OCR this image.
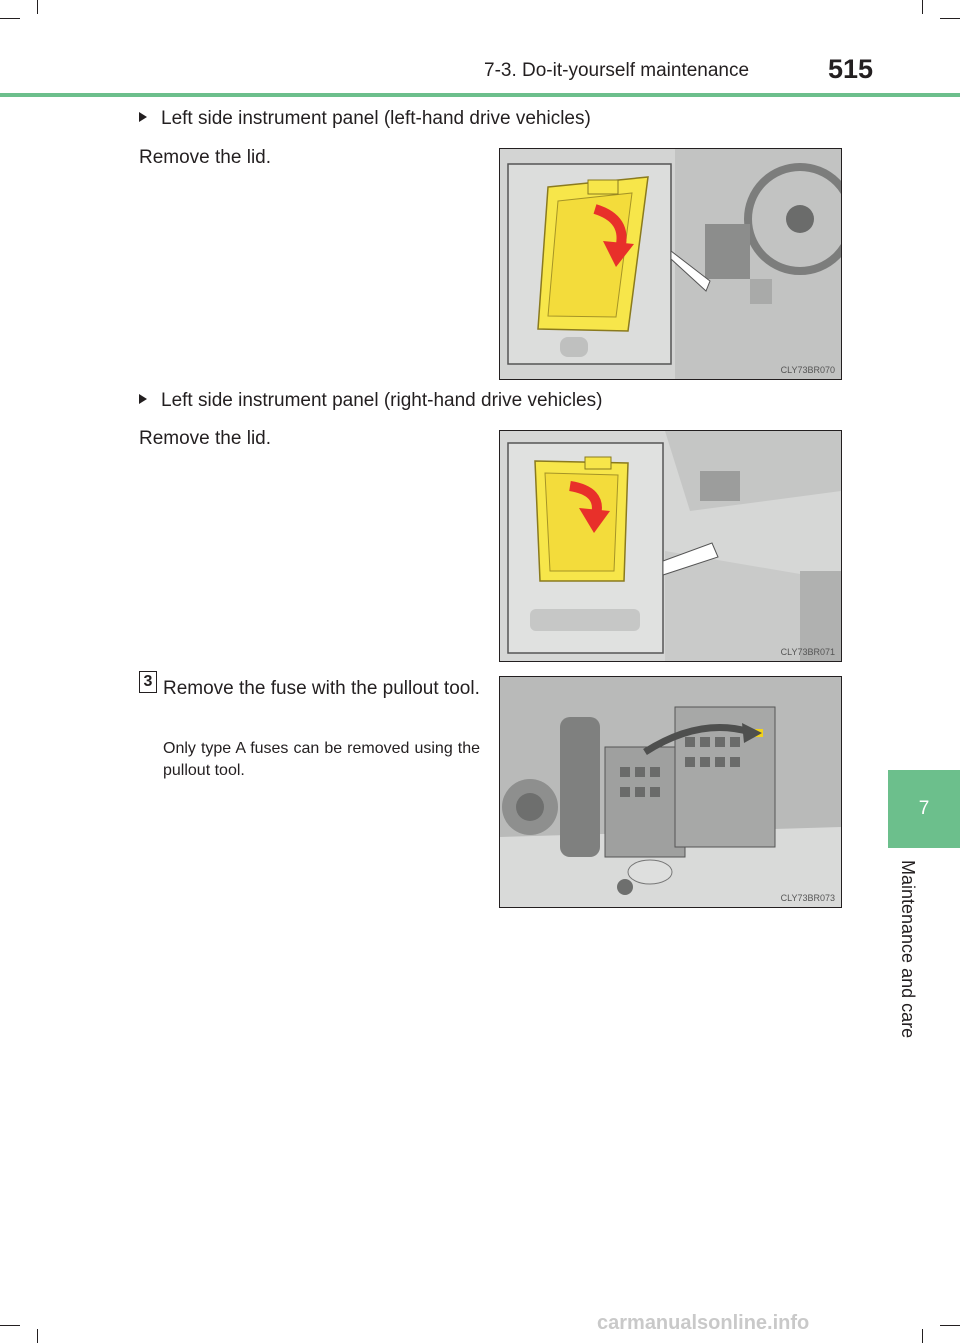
7-3. Do-it-yourself maintenance	515
7
Maintenance and care
Left side instrument panel (left-hand drive vehicles)
Remove the lid.
CLY73BR070
Left side instrument panel (right-hand drive vehicles)
Remove the lid.
CLY73BR071
3 Remove the fuse with the pullout tool.
Only type A fuses can be removed using the pullout tool.
CLY73BR073
carmanualsonline.info
